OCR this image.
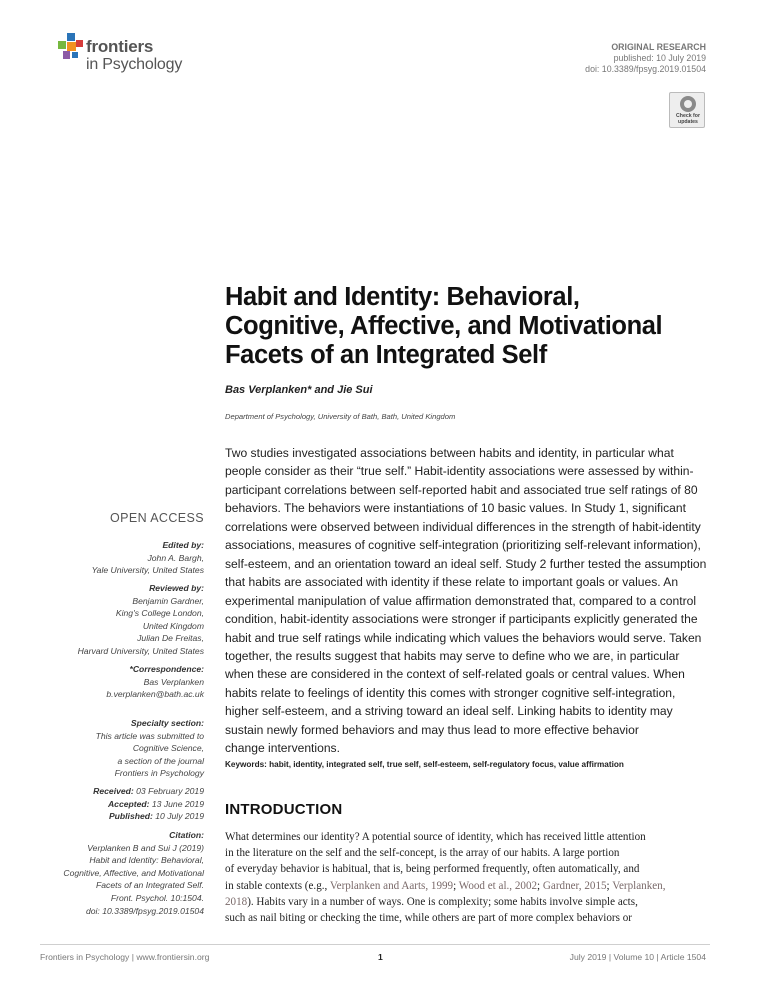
frontiers
in Psychology
ORIGINAL RESEARCH
published: 10 July 2019
doi: 10.3389/fpsyg.2019.01504
Check for
updates
Habit and Identity: Behavioral,
Cognitive, Affective, and Motivational
Facets of an Integrated Self
Bas Verplanken* and Jie Sui
Department of Psychology, University of Bath, Bath, United Kingdom
Two studies investigated associations between habits and identity, in particular what
people consider as their “true self.” Habit-identity associations were assessed by within-
participant correlations between self-reported habit and associated true self ratings of 80
behaviors. The behaviors were instantiations of 10 basic values. In Study 1, significant
correlations were observed between individual differences in the strength of habit-identity
associations, measures of cognitive self-integration (prioritizing self-relevant information),
self-esteem, and an orientation toward an ideal self. Study 2 further tested the assumption
that habits are associated with identity if these relate to important goals or values. An
experimental manipulation of value affirmation demonstrated that, compared to a control
condition, habit-identity associations were stronger if participants explicitly generated the
habit and true self ratings while indicating which values the behaviors would serve. Taken
together, the results suggest that habits may serve to define who we are, in particular
when these are considered in the context of self-related goals or central values. When
habits relate to feelings of identity this comes with stronger cognitive self-integration,
higher self-esteem, and a striving toward an ideal self. Linking habits to identity may
sustain newly formed behaviors and may thus lead to more effective behavior
change interventions.
Keywords: habit, identity, integrated self, true self, self-esteem, self-regulatory focus, value affirmation
INTRODUCTION
What determines our identity? A potential source of identity, which has received little attention
in the literature on the self and the self-concept, is the array of our habits. A large portion
of everyday behavior is habitual, that is, being performed frequently, often automatically, and
in stable contexts (e.g., Verplanken and Aarts, 1999; Wood et al., 2002; Gardner, 2015; Verplanken,
2018). Habits vary in a number of ways. One is complexity; some habits involve simple acts,
such as nail biting or checking the time, while others are part of more complex behaviors or
OPEN ACCESS
Edited by:
John A. Bargh,
Yale University, United States
Reviewed by:
Benjamin Gardner,
King's College London,
United Kingdom
Julian De Freitas,
Harvard University, United States
*Correspondence:
Bas Verplanken
b.verplanken@bath.ac.uk
Specialty section:
This article was submitted to
Cognitive Science,
a section of the journal
Frontiers in Psychology
Received: 03 February 2019
Accepted: 13 June 2019
Published: 10 July 2019
Citation:
Verplanken B and Sui J (2019)
Habit and Identity: Behavioral,
Cognitive, Affective, and Motivational
Facets of an Integrated Self.
Front. Psychol. 10:1504.
doi: 10.3389/fpsyg.2019.01504
Frontiers in Psychology | www.frontiersin.org	1	July 2019 | Volume 10 | Article 1504
